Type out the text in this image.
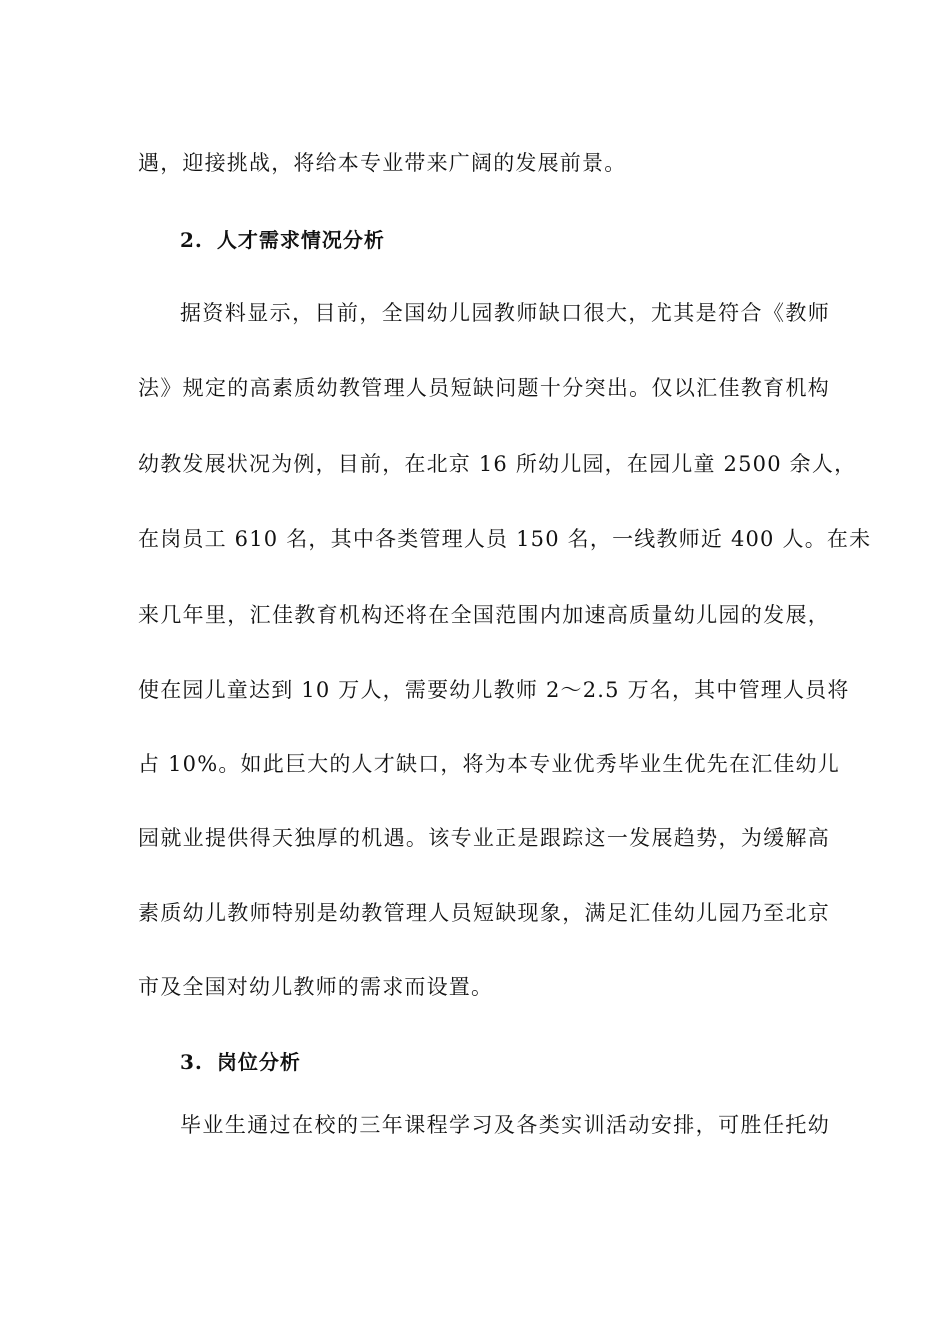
遇，迎接挑战，将给本专业带来广阔的发展前景。
2. 人才需求情况分析
据资料显示，目前，全国幼儿园教师缺口很大，尤其是符合《教师
法》规定的高素质幼教管理人员短缺问题十分突出。仅以汇佳教育机构
幼教发展状况为例，目前，在北京 16 所幼儿园，在园儿童 2500 余人，
在岗员工 610 名，其中各类管理人员 150 名，一线教师近 400 人。在未
来几年里，汇佳教育机构还将在全国范围内加速高质量幼儿园的发展，
使在园儿童达到 10 万人，需要幼儿教师 2～2.5 万名，其中管理人员将
占 10%。如此巨大的人才缺口，将为本专业优秀毕业生优先在汇佳幼儿
园就业提供得天独厚的机遇。该专业正是跟踪这一发展趋势，为缓解高
素质幼儿教师特别是幼教管理人员短缺现象，满足汇佳幼儿园乃至北京
市及全国对幼儿教师的需求而设置。
3. 岗位分析
毕业生通过在校的三年课程学习及各类实训活动安排，可胜任托幼
